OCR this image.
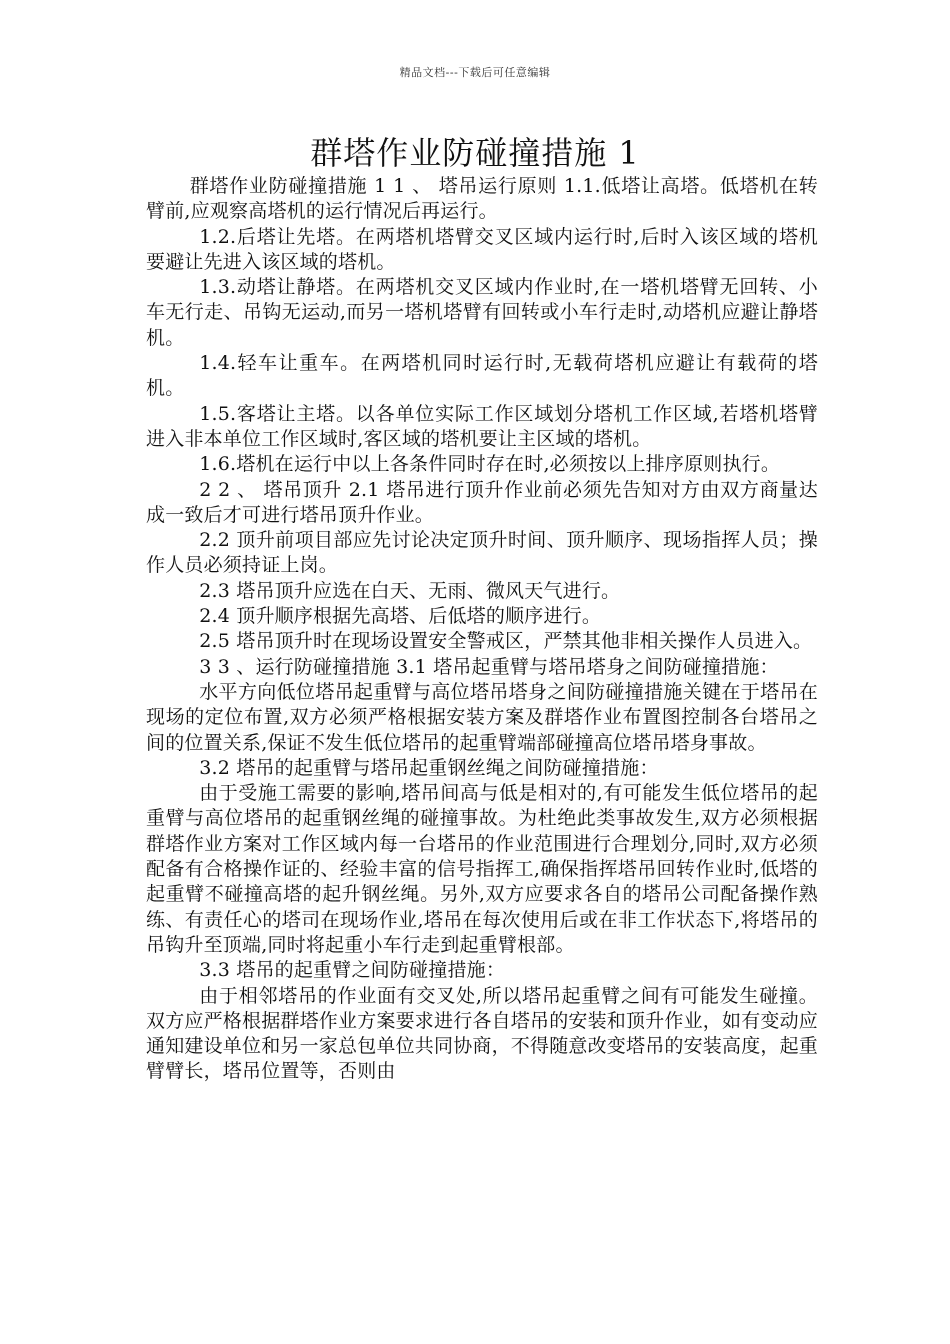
精品文档---下载后可任意编辑
群塔作业防碰撞措施 1

群塔作业防碰撞措施 1 1 、 塔吊运行原则 1.1.低塔让高塔。低塔机在转臂前,应观察高塔机的运行情况后再运行。

1.2.后塔让先塔。在两塔机塔臂交叉区域内运行时,后时入该区域的塔机要避让先进入该区域的塔机。

1.3.动塔让静塔。在两塔机交叉区域内作业时,在一塔机塔臂无回转、小车无行走、吊钩无运动,而另一塔机塔臂有回转或小车行走时,动塔机应避让静塔机。

1.4.轻车让重车。在两塔机同时运行时,无载荷塔机应避让有载荷的塔机。

1.5.客塔让主塔。以各单位实际工作区域划分塔机工作区域,若塔机塔臂进入非本单位工作区域时,客区域的塔机要让主区域的塔机。

1.6.塔机在运行中以上各条件同时存在时,必须按以上排序原则执行。

2 2 、 塔吊顶升 2.1 塔吊进行顶升作业前必须先告知对方由双方商量达成一致后才可进行塔吊顶升作业。

2.2 顶升前项目部应先讨论决定顶升时间、顶升顺序、现场指挥人员；操作人员必须持证上岗。

2.3 塔吊顶升应选在白天、无雨、微风天气进行。

2.4 顶升顺序根据先高塔、后低塔的顺序进行。

2.5 塔吊顶升时在现场设置安全警戒区，严禁其他非相关操作人员进入。

3 3 、运行防碰撞措施 3.1 塔吊起重臂与塔吊塔身之间防碰撞措施：

水平方向低位塔吊起重臂与高位塔吊塔身之间防碰撞措施关键在于塔吊在现场的定位布置,双方必须严格根据安装方案及群塔作业布置图控制各台塔吊之间的位置关系,保证不发生低位塔吊的起重臂端部碰撞高位塔吊塔身事故。

3.2 塔吊的起重臂与塔吊起重钢丝绳之间防碰撞措施：

由于受施工需要的影响,塔吊间高与低是相对的,有可能发生低位塔吊的起重臂与高位塔吊的起重钢丝绳的碰撞事故。为杜绝此类事故发生,双方必须根据群塔作业方案对工作区域内每一台塔吊的作业范围进行合理划分,同时,双方必须配备有合格操作证的、经验丰富的信号指挥工,确保指挥塔吊回转作业时,低塔的起重臂不碰撞高塔的起升钢丝绳。另外,双方应要求各自的塔吊公司配备操作熟练、有责任心的塔司在现场作业,塔吊在每次使用后或在非工作状态下,将塔吊的吊钩升至顶端,同时将起重小车行走到起重臂根部。

3.3 塔吊的起重臂之间防碰撞措施：

由于相邻塔吊的作业面有交叉处,所以塔吊起重臂之间有可能发生碰撞。双方应严格根据群塔作业方案要求进行各自塔吊的安装和顶升作业，如有变动应通知建设单位和另一家总包单位共同协商，不得随意改变塔吊的安装高度，起重臂臂长，塔吊位置等，否则由
